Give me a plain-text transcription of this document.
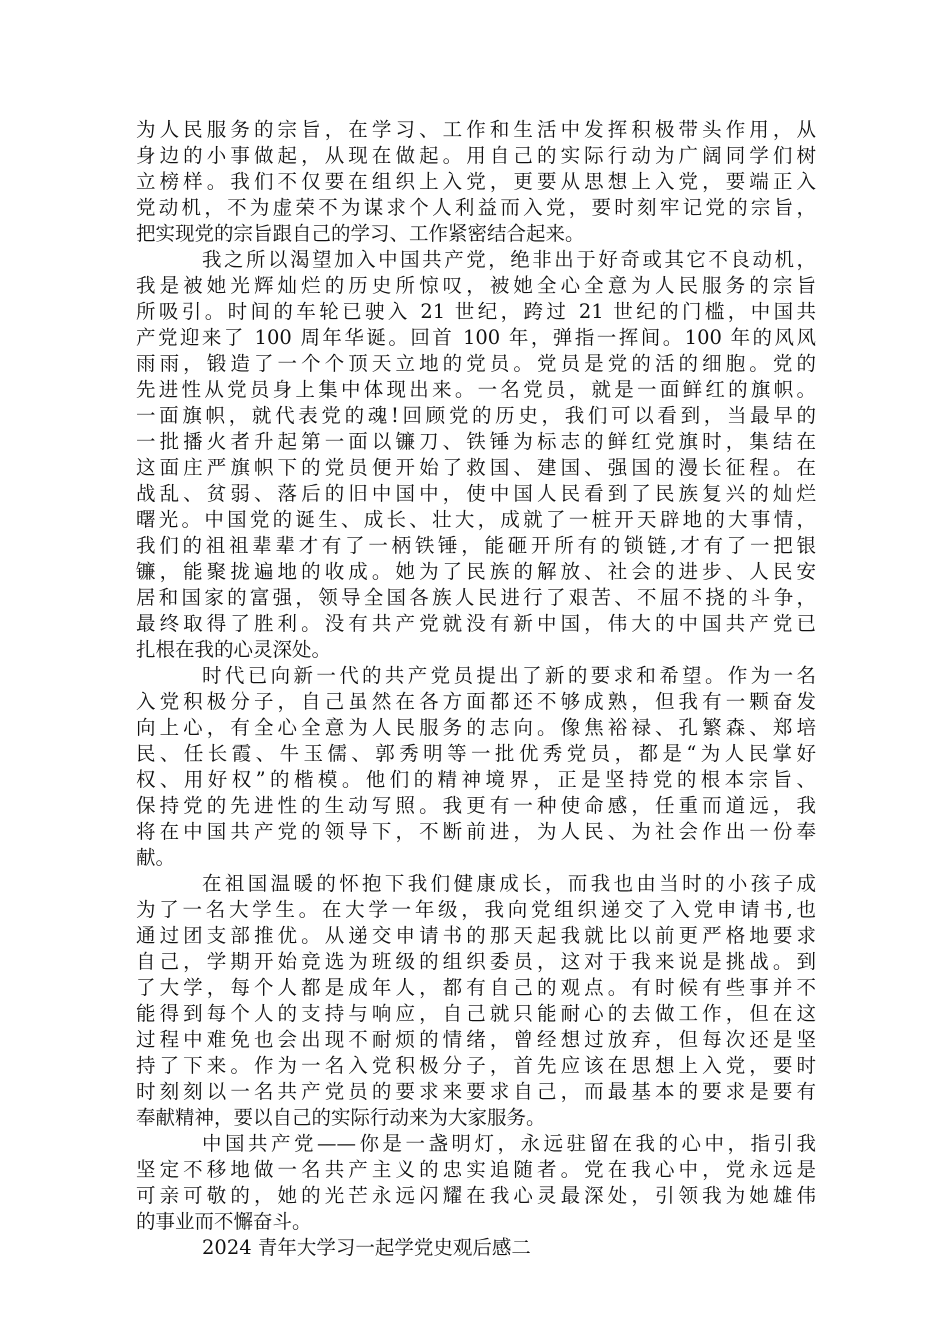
为人民服务的宗旨，在学习、工作和生活中发挥积极带头作用，从
身边的小事做起，从现在做起。用自己的实际行动为广阔同学们树
立榜样。我们不仅要在组织上入党，更要从思想上入党，要端正入
党动机，不为虚荣不为谋求个人利益而入党，要时刻牢记党的宗旨，
把实现党的宗旨跟自己的学习、工作紧密结合起来。
我之所以渴望加入中国共产党，绝非出于好奇或其它不良动机，
我是被她光辉灿烂的历史所惊叹，被她全心全意为人民服务的宗旨
所吸引。时间的车轮已驶入 21 世纪，跨过 21 世纪的门槛，中国共
产党迎来了 100 周年华诞。回首 100 年，弹指一挥间。100 年的风风
雨雨，锻造了一个个顶天立地的党员。党员是党的活的细胞。党的
先进性从党员身上集中体现出来。一名党员，就是一面鲜红的旗帜。
一面旗帜，就代表党的魂!回顾党的历史，我们可以看到，当最早的
一批播火者升起第一面以镰刀、铁锤为标志的鲜红党旗时，集结在
这面庄严旗帜下的党员便开始了救国、建国、强国的漫长征程。在
战乱、贫弱、落后的旧中国中，使中国人民看到了民族复兴的灿烂
曙光。中国党的诞生、成长、壮大，成就了一桩开天辟地的大事情，
我们的祖祖辈辈才有了一柄铁锤，能砸开所有的锁链,才有了一把银
镰，能聚拢遍地的收成。她为了民族的解放、社会的进步、人民安
居和国家的富强，领导全国各族人民进行了艰苦、不屈不挠的斗争，
最终取得了胜利。没有共产党就没有新中国，伟大的中国共产党已
扎根在我的心灵深处。
时代已向新一代的共产党员提出了新的要求和希望。作为一名
入党积极分子，自己虽然在各方面都还不够成熟，但我有一颗奋发
向上心，有全心全意为人民服务的志向。像焦裕禄、孔繁森、郑培
民、任长霞、牛玉儒、郭秀明等一批优秀党员，都是“为人民掌好
权、用好权”的楷模。他们的精神境界，正是坚持党的根本宗旨、
保持党的先进性的生动写照。我更有一种使命感，任重而道远，我
将在中国共产党的领导下，不断前进，为人民、为社会作出一份奉
献。
在祖国温暖的怀抱下我们健康成长，而我也由当时的小孩子成
为了一名大学生。在大学一年级，我向党组织递交了入党申请书,也
通过团支部推优。从递交申请书的那天起我就比以前更严格地要求
自己，学期开始竞选为班级的组织委员，这对于我来说是挑战。到
了大学，每个人都是成年人，都有自己的观点。有时候有些事并不
能得到每个人的支持与响应，自己就只能耐心的去做工作，但在这
过程中难免也会出现不耐烦的情绪，曾经想过放弃，但每次还是坚
持了下来。作为一名入党积极分子，首先应该在思想上入党，要时
时刻刻以一名共产党员的要求来要求自己，而最基本的要求是要有
奉献精神，要以自己的实际行动来为大家服务。
中国共产党——你是一盏明灯，永远驻留在我的心中，指引我
坚定不移地做一名共产主义的忠实追随者。党在我心中，党永远是
可亲可敬的，她的光芒永远闪耀在我心灵最深处，引领我为她雄伟
的事业而不懈奋斗。
2024 青年大学习一起学党史观后感二
